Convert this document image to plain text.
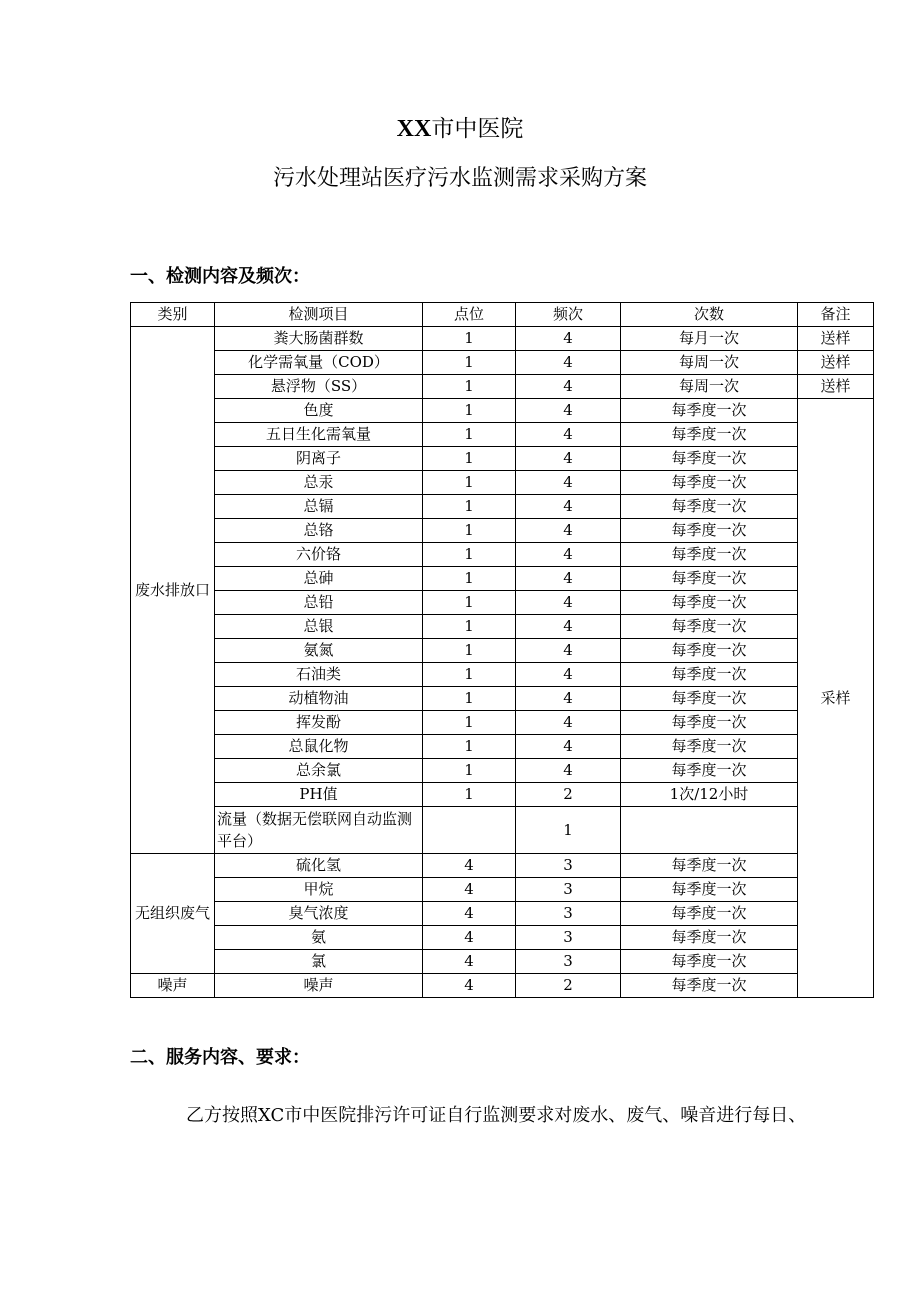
XX市中医院
污水处理站医疗污水监测需求采购方案
一、检测内容及频次：
类别	检测项目	点位	频次	次数	备注
废水排放口	粪大肠菌群数	1	4	每月一次	送样
	化学需氧量（COD）	1	4	每周一次	送样
	悬浮物（SS）	1	4	每周一次	送样
	色度	1	4	每季度一次	采样
	五日生化需氧量	1	4	每季度一次	
	阴离子	1	4	每季度一次	
	总汞	1	4	每季度一次	
	总镉	1	4	每季度一次	
	总铬	1	4	每季度一次	
	六价铬	1	4	每季度一次	
	总砷	1	4	每季度一次	
	总铅	1	4	每季度一次	
	总银	1	4	每季度一次	
	氨氮	1	4	每季度一次	
	石油类	1	4	每季度一次	
	动植物油	1	4	每季度一次	
	挥发酚	1	4	每季度一次	
	总鼠化物	1	4	每季度一次	
	总余氯	1	4	每季度一次	
	PH值	1	2	1次/12小时	
	流量（数据无偿联网自动监测平台）		1		
无组织废气	硫化氢	4	3	每季度一次	
	甲烷	4	3	每季度一次	
	臭气浓度	4	3	每季度一次	
	氨	4	3	每季度一次	
	氯	4	3	每季度一次	
噪声	噪声	4	2	每季度一次	
二、服务内容、要求：
乙方按照XC市中医院排污许可证自行监测要求对废水、废气、噪音进行每日、
